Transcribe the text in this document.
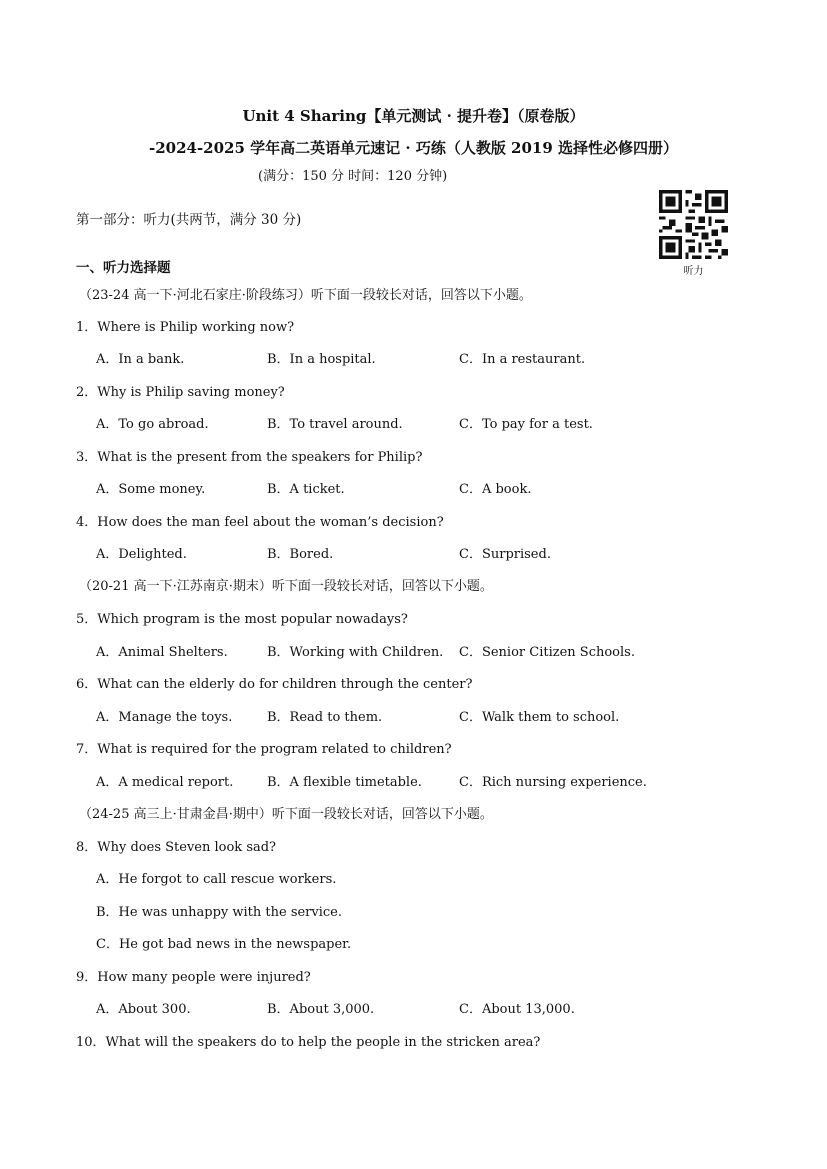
Unit 4 Sharing【单元测试 · 提升卷】（原卷版）
-2024-2025 学年高二英语单元速记 · 巧练（人教版 2019 选择性必修四册）
(满分：150 分 时间：120 分钟)
第一部分：听力(共两节，满分 30 分)
听力
一、听力选择题
（23-24 高一下·河北石家庄·阶段练习）听下面一段较长对话，回答以下小题。
1．Where is Philip working now?
A．In a bank.	B．In a hospital.	C．In a restaurant.
2．Why is Philip saving money?
A．To go abroad.	B．To travel around.	C．To pay for a test.
3．What is the present from the speakers for Philip?
A．Some money.	B．A ticket.	C．A book.
4．How does the man feel about the woman’s decision?
A．Delighted.	B．Bored.	C．Surprised.
（20-21 高一下·江苏南京·期末）听下面一段较长对话，回答以下小题。
5．Which program is the most popular nowadays?
A．Animal Shelters.	B．Working with Children. C．Senior Citizen Schools.
6．What can the elderly do for children through the center?
A．Manage the toys.	B．Read to them.	C．Walk them to school.
7．What is required for the program related to children?
A．A medical report.	B．A flexible timetable.	C．Rich nursing experience.
（24-25 高三上·甘肃金昌·期中）听下面一段较长对话，回答以下小题。
8．Why does Steven look sad?
A．He forgot to call rescue workers.
B．He was unhappy with the service.
C．He got bad news in the newspaper.
9．How many people were injured?
A．About 300.	B．About 3,000.	C．About 13,000.
10．What will the speakers do to help the people in the stricken area?
